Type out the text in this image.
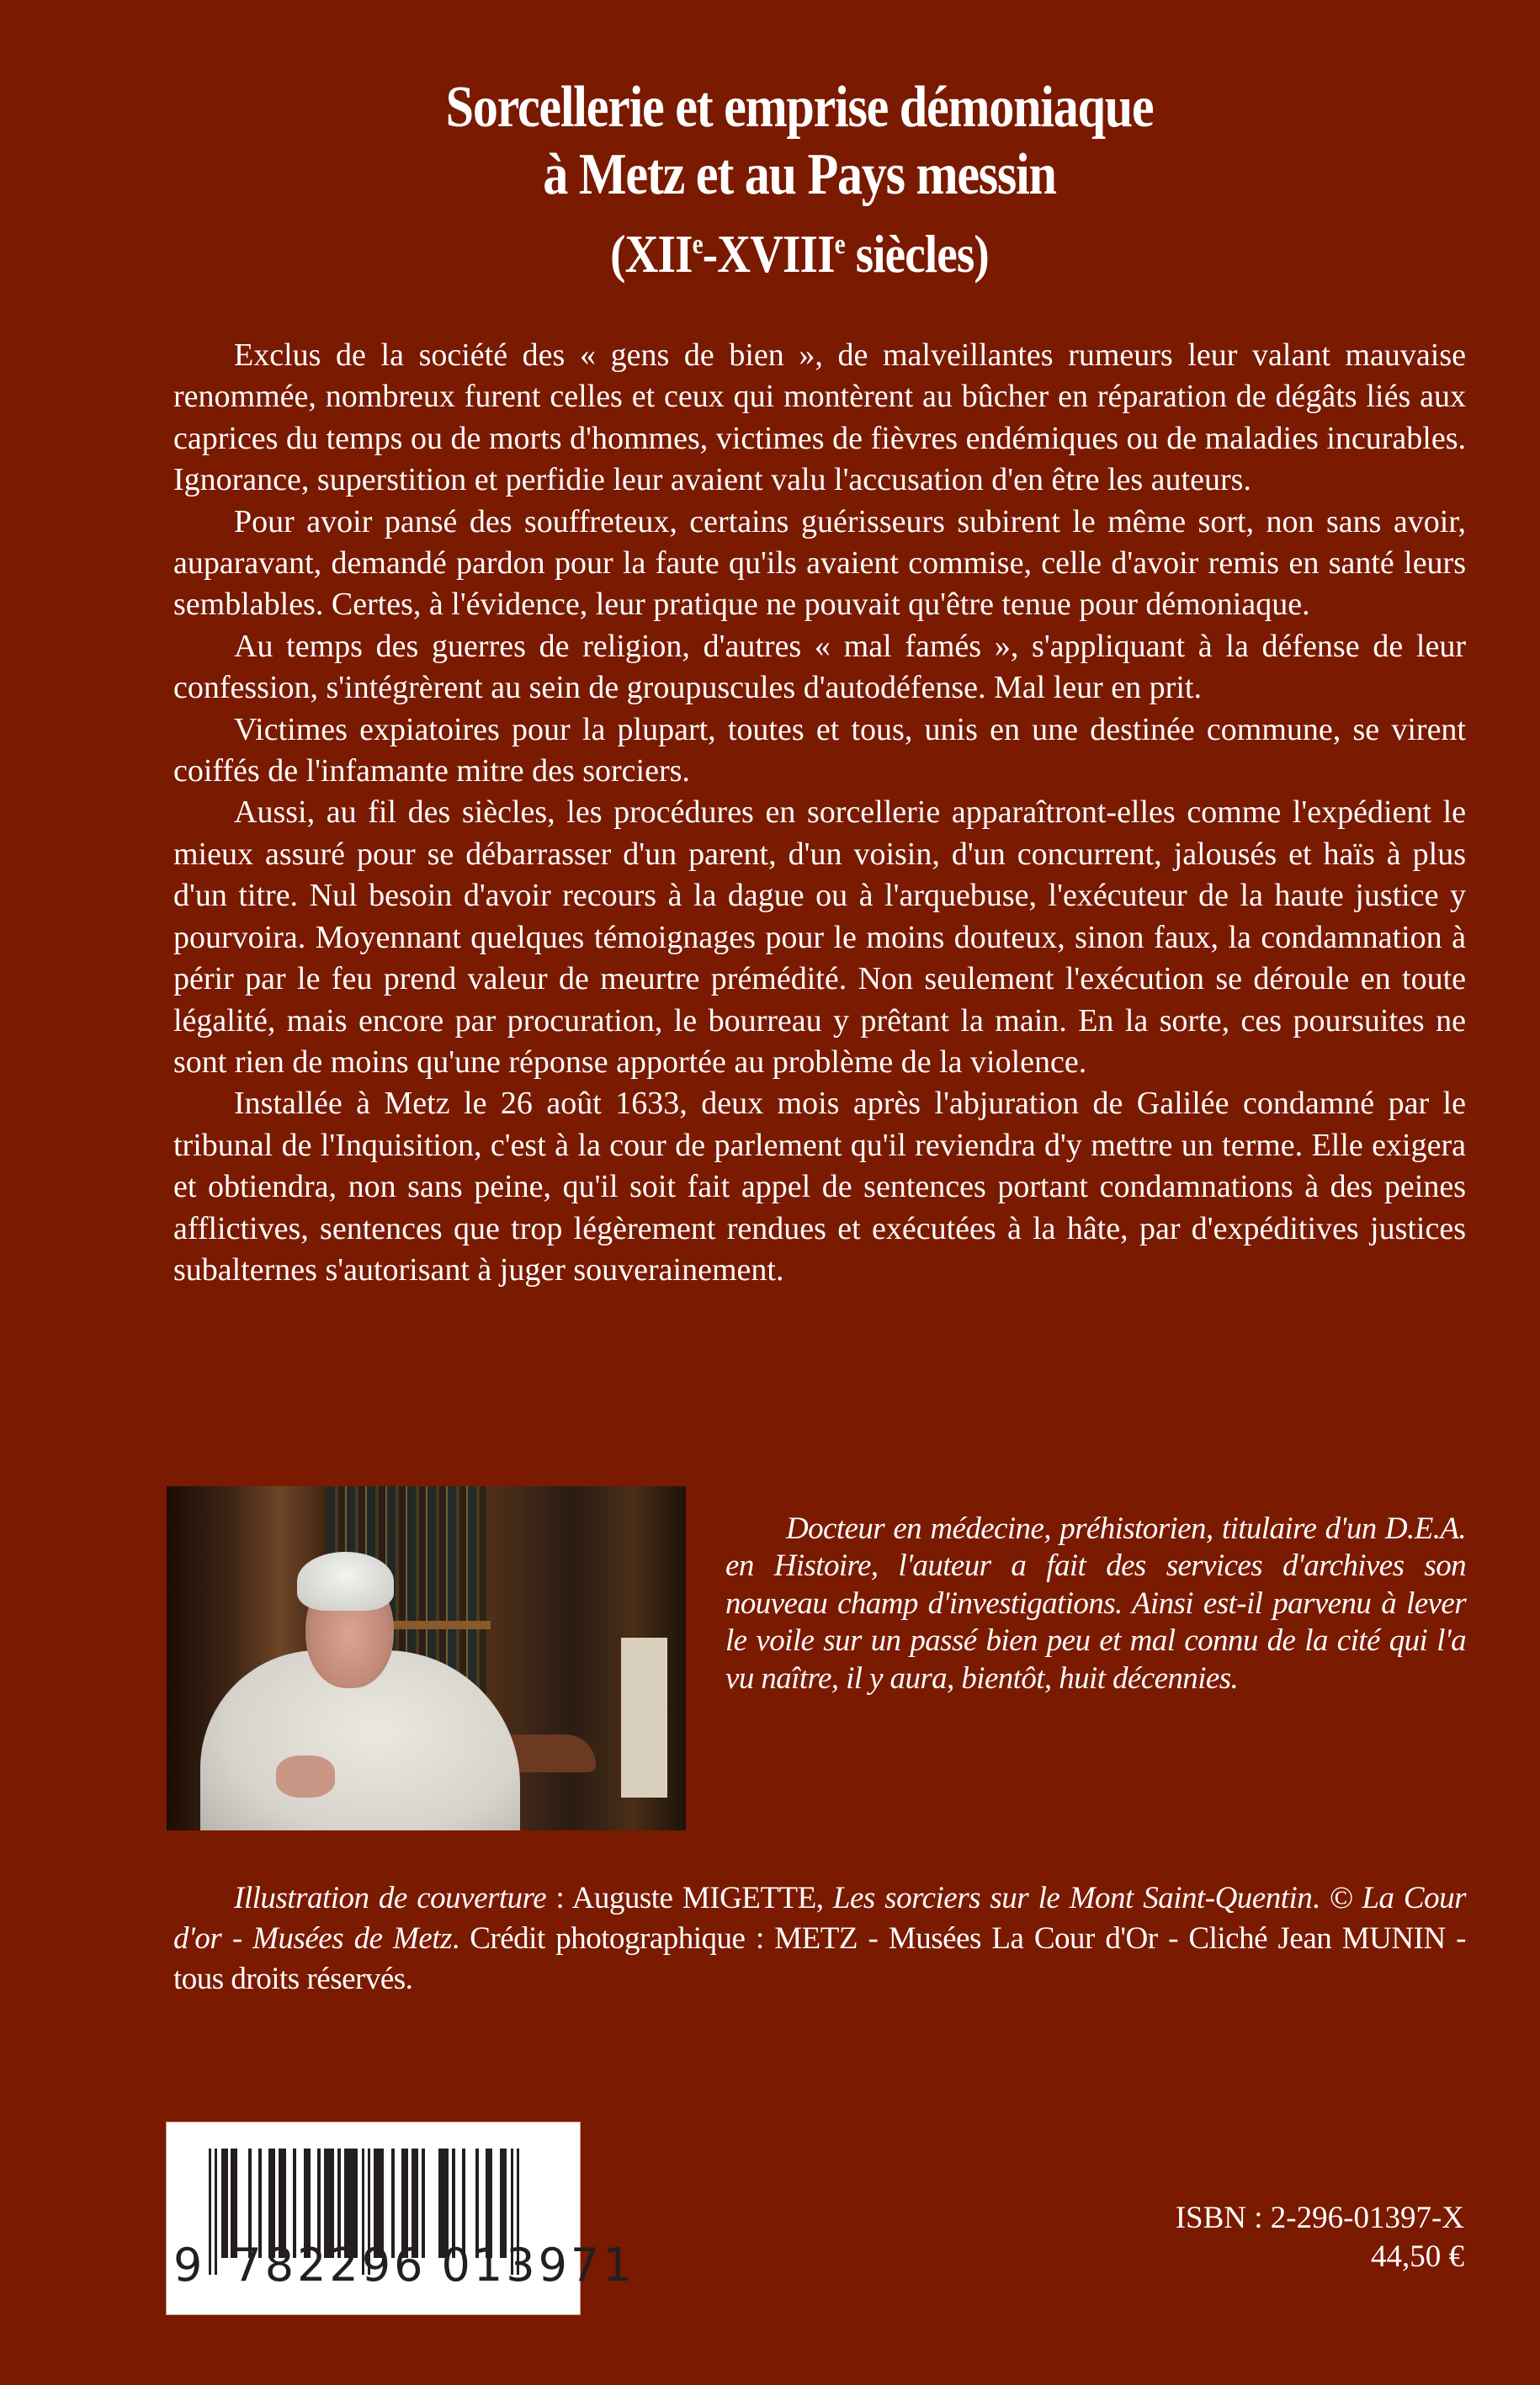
Sorcellerie et emprise démoniaque
à Metz et au Pays messin
(XIIe-XVIIIe siècles)

Exclus de la société des « gens de bien », de malveillantes rumeurs leur valant mauvaise renommée, nombreux furent celles et ceux qui montèrent au bûcher en réparation de dégâts liés aux caprices du temps ou de morts d'hommes, victimes de fièvres endémiques ou de maladies incurables. Ignorance, superstition et perfidie leur avaient valu l'accusation d'en être les auteurs.

Pour avoir pansé des souffreteux, certains guérisseurs subirent le même sort, non sans avoir, auparavant, demandé pardon pour la faute qu'ils avaient commise, celle d'avoir remis en santé leurs semblables. Certes, à l'évidence, leur pratique ne pouvait qu'être tenue pour démoniaque.

Au temps des guerres de religion, d'autres « mal famés », s'appliquant à la défense de leur confession, s'intégrèrent au sein de groupuscules d'autodéfense. Mal leur en prit.

Victimes expiatoires pour la plupart, toutes et tous, unis en une destinée commune, se virent coiffés de l'infamante mitre des sorciers.

Aussi, au fil des siècles, les procédures en sorcellerie apparaîtront-elles comme l'expédient le mieux assuré pour se débarrasser d'un parent, d'un voisin, d'un concurrent, jalousés et haïs à plus d'un titre. Nul besoin d'avoir recours à la dague ou à l'arquebuse, l'exécuteur de la haute justice y pourvoira. Moyennant quelques témoignages pour le moins douteux, sinon faux, la condamnation à périr par le feu prend valeur de meurtre prémédité. Non seulement l'exécution se déroule en toute légalité, mais encore par procuration, le bourreau y prêtant la main. En la sorte, ces poursuites ne sont rien de moins qu'une réponse apportée au problème de la violence.

Installée à Metz le 26 août 1633, deux mois après l'abjuration de Galilée condamné par le tribunal de l'Inquisition, c'est à la cour de parlement qu'il reviendra d'y mettre un terme. Elle exigera et obtiendra, non sans peine, qu'il soit fait appel de sentences portant condamnations à des peines afflictives, sentences que trop légèrement rendues et exécutées à la hâte, par d'expéditives justices subalternes s'autorisant à juger souverainement.

Docteur en médecine, préhistorien, titulaire d'un D.E.A. en Histoire, l'auteur a fait des services d'archives son nouveau champ d'investigations. Ainsi est-il parvenu à lever le voile sur un passé bien peu et mal connu de la cité qui l'a vu naître, il y aura, bientôt, huit décennies.

Illustration de couverture : Auguste MIGETTE, Les sorciers sur le Mont Saint-Quentin. © La Cour d'or - Musées de Metz. Crédit photographique : METZ - Musées La Cour d'Or - Cliché Jean MUNIN - tous droits réservés.

9 782296 013971
ISBN : 2-296-01397-X
44,50 €
